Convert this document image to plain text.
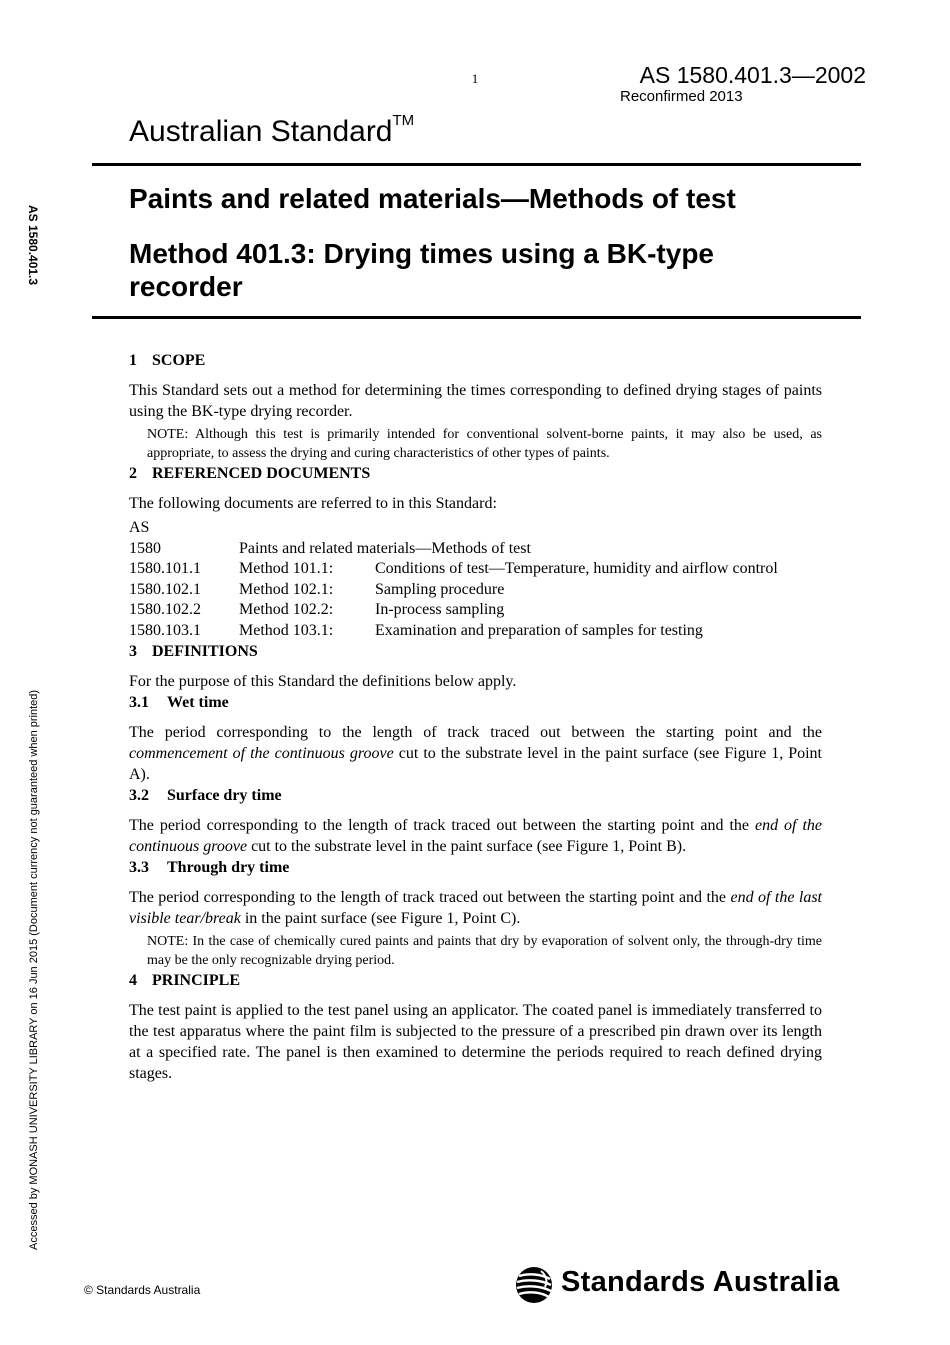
1	AS 1580.401.3—2002
Reconfirmed 2013
Australian Standard™
Paints and related materials—Methods of test
Method 401.3: Drying times using a BK-type recorder
AS 1580.401.3
Accessed by MONASH UNIVERSITY LIBRARY on 16 Jun 2015 (Document currency not guaranteed when printed)
1 SCOPE

This Standard sets out a method for determining the times corresponding to defined drying stages of paints using the BK-type drying recorder.

NOTE: Although this test is primarily intended for conventional solvent-borne paints, it may also be used, as appropriate, to assess the drying and curing characteristics of other types of paints.

2 REFERENCED DOCUMENTS

The following documents are referred to in this Standard:

AS
1580	Paints and related materials—Methods of test
1580.101.1	Method 101.1:	Conditions of test—Temperature, humidity and airflow control
1580.102.1	Method 102.1:	Sampling procedure
1580.102.2	Method 102.2:	In-process sampling
1580.103.1	Method 103.1:	Examination and preparation of samples for testing
3 DEFINITIONS

For the purpose of this Standard the definitions below apply.

3.1 Wet time

The period corresponding to the length of track traced out between the starting point and the commencement of the continuous groove cut to the substrate level in the paint surface (see Figure 1, Point A).

3.2 Surface dry time

The period corresponding to the length of track traced out between the starting point and the end of the continuous groove cut to the substrate level in the paint surface (see Figure 1, Point B).

3.3 Through dry time

The period corresponding to the length of track traced out between the starting point and the end of the last visible tear/break in the paint surface (see Figure 1, Point C).

NOTE: In the case of chemically cured paints and paints that dry by evaporation of solvent only, the through-dry time may be the only recognizable drying period.

4 PRINCIPLE

The test paint is applied to the test panel using an applicator. The coated panel is immediately transferred to the test apparatus where the paint film is subjected to the pressure of a prescribed pin drawn over its length at a specified rate. The panel is then examined to determine the periods required to reach defined drying stages.

© Standards Australia	Standards Australia
